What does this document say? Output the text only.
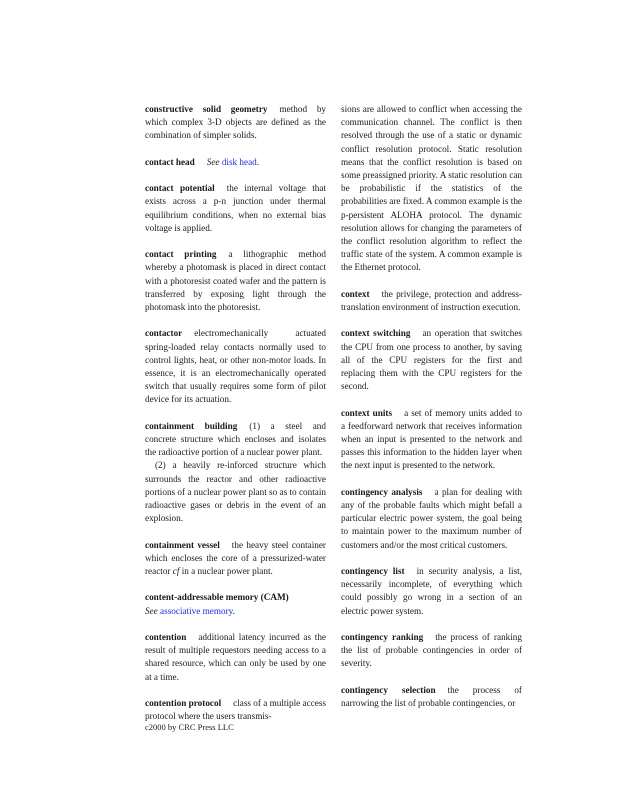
constructive solid geometry method by which complex 3-D objects are defined as the combination of simpler solids.

contact head See disk head.

contact potential the internal voltage that exists across a p-n junction under thermal equilibrium conditions, when no external bias voltage is applied.

contact printing a lithographic method whereby a photomask is placed in direct contact with a photoresist coated wafer and the pattern is transferred by exposing light through the photomask into the photoresist.

contactor electromechanically actuated spring-loaded relay contacts normally used to control lights, heat, or other non-motor loads. In essence, it is an electromechanically operated switch that usually requires some form of pilot device for its actuation.

containment building (1) a steel and concrete structure which encloses and isolates the radioactive portion of a nuclear power plant.

(2) a heavily re-inforced structure which surrounds the reactor and other radioactive portions of a nuclear power plant so as to contain radioactive gases or debris in the event of an explosion.

containment vessel the heavy steel container which encloses the core of a pressurized-water reactor cf in a nuclear power plant.

content-addressable memory (CAM)
See associative memory.

contention additional latency incurred as the result of multiple requestors needing access to a shared resource, which can only be used by one at a time.

contention protocol class of a multiple access protocol where the users transmis-

sions are allowed to conflict when accessing the communication channel. The conflict is then resolved through the use of a static or dynamic conflict resolution protocol. Static resolution means that the conflict resolution is based on some preassigned priority. A static resolution can be probabilistic if the statistics of the probabilities are fixed. A common example is the p-persistent ALOHA protocol. The dynamic resolution allows for changing the parameters of the conflict resolution algorithm to reflect the traffic state of the system. A common example is the Ethernet protocol.

context the privilege, protection and address-translation environment of instruction execution.

context switching an operation that switches the CPU from one process to another, by saving all of the CPU registers for the first and replacing them with the CPU registers for the second.

context units a set of memory units added to a feedforward network that receives information when an input is presented to the network and passes this information to the hidden layer when the next input is presented to the network.

contingency analysis a plan for dealing with any of the probable faults which might befall a particular electric power system, the goal being to maintain power to the maximum number of customers and/or the most critical customers.

contingency list in security analysis, a list, necessarily incomplete, of everything which could possibly go wrong in a section of an electric power system.

contingency ranking the process of ranking the list of probable contingencies in order of severity.

contingency selection the process of narrowing the list of probable contingencies, or

c2000 by CRC Press LLC
